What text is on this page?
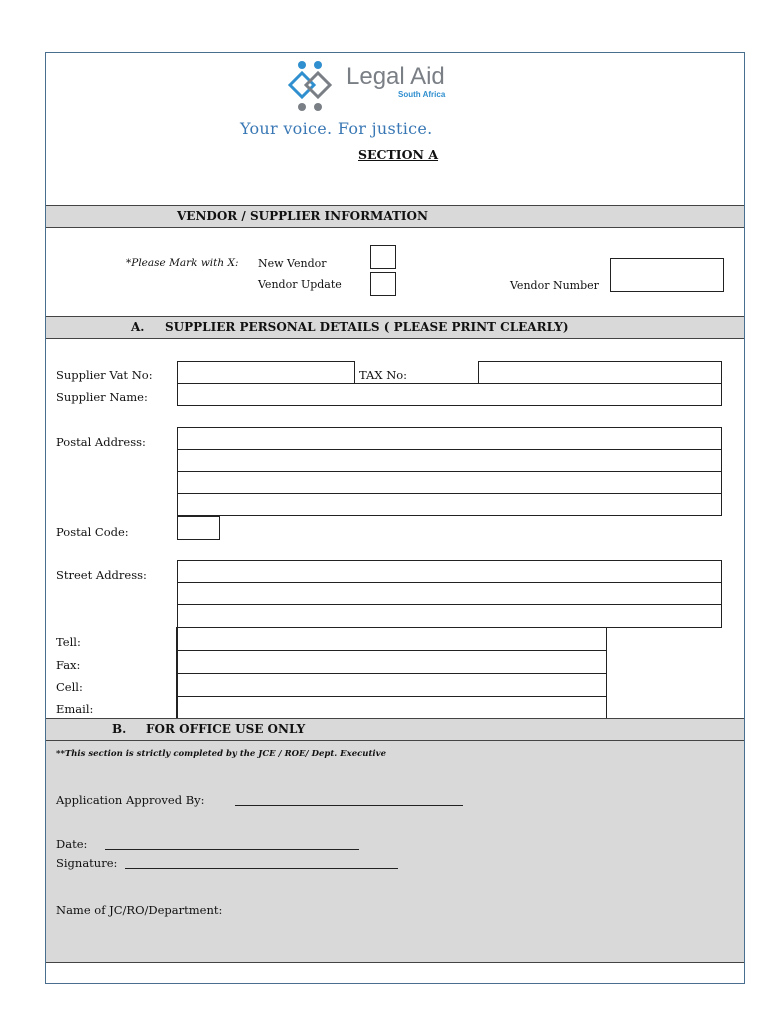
Legal Aid
South Africa
Your voice. For justice.
SECTION A
VENDOR / SUPPLIER INFORMATION
*Please Mark with X: New Vendor
Vendor Update	Vendor Number
A. SUPPLIER PERSONAL DETAILS ( PLEASE PRINT CLEARLY)
Supplier Vat No:	TAX No:
Supplier Name:
Postal Address:
Postal Code:
Street Address:
Tell:
Fax:
Cell:
Email:
B. FOR OFFICE USE ONLY
**This section is strictly completed by the JCE / ROE/ Dept. Executive
Application Approved By:
Date:
Signature:
Name of JC/RO/Department:
